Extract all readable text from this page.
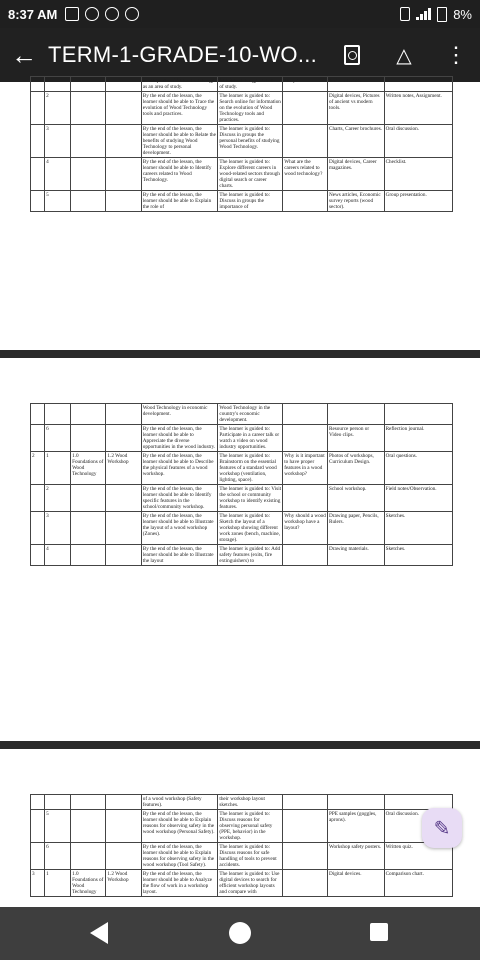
8:37 AM	8%
← TERM-1-GRADE-10-WO...	△ ⋮
				development of Wood Technology as an area of study.	Wood Technology as an area of study.	study?	Internet access.	
	2			By the end of the lesson, the learner should be able to Trace the evolution of Wood Technology tools and practices.	The learner is guided to: Search online for information on the evolution of Wood Technology tools and practices.		Digital devices, Pictures of ancient vs modern tools.	Written notes, Assignment.
	3			By the end of the lesson, the learner should be able to Relate the benefits of studying Wood Technology to personal development.	The learner is guided to: Discuss in groups the personal benefits of studying Wood Technology.		Charts, Career brochures.	Oral discussion.
	4			By the end of the lesson, the learner should be able to Identify careers related to Wood Technology.	The learner is guided to: Explore different careers in wood-related sectors through digital search or career charts.	What are the careers related to wood technology?	Digital devices, Career magazines.	Checklist.
	5			By the end of the lesson, the learner should be able to Explain the role of	The learner is guided to: Discuss in groups the importance of		News articles, Economic survey reports (wood sector).	Group presentation.
				Wood Technology in economic development.	Wood Technology in the country's economic development.			
	6			By the end of the lesson, the learner should be able to Appreciate the diverse opportunities in the wood industry.	The learner is guided to: Participate in a career talk or watch a video on wood industry opportunities.		Resource person or Video clips.	Reflection journal.
2	1	1.0 Foundations of Wood Technology	1.2 Wood Workshop	By the end of the lesson, the learner should be able to Describe the physical features of a wood workshop.	The learner is guided to: Brainstorm on the essential features of a standard wood workshop (ventilation, lighting, space).	Why is it important to have proper features in a wood workshop?	Photos of workshops, Curriculum Design.	Oral questions.
	2			By the end of the lesson, the learner should be able to Identify specific features in the school/community workshop.	The learner is guided to: Visit the school or community workshop to identify existing features.		School workshop.	Field notes/Observation.
	3			By the end of the lesson, the learner should be able to Illustrate the layout of a wood workshop (Zones).	The learner is guided to: Sketch the layout of a workshop showing different work zones (bench, machine, storage).	Why should a wood workshop have a layout?	Drawing paper, Pencils, Rulers.	Sketches.
	4			By the end of the lesson, the learner should be able to Illustrate the layout	The learner is guided to: Add safety features (exits, fire extinguishers) to		Drawing materials.	Sketches.
				of a wood workshop (Safety features).	their workshop layout sketches.			
	5			By the end of the lesson, the learner should be able to Explain reasons for observing safety in the wood workshop (Personal Safety).	The learner is guided to: Discuss reasons for observing personal safety (PPE, behavior) in the workshop.		PPE samples (goggles, aprons).	Oral discussion.
	6			By the end of the lesson, the learner should be able to Explain reasons for observing safety in the wood workshop (Tool Safety).	The learner is guided to: Discuss reasons for safe handling of tools to prevent accidents.		Workshop safety posters.	Written quiz.
3	1	1.0 Foundations of Wood Technology	1.2 Wood Workshop	By the end of the lesson, the learner should be able to Analyze the flow of work in a workshop layout.	The learner is guided to: Use digital devices to search for efficient workshop layouts and compare with		Digital devices.	Comparison chart.
✎
